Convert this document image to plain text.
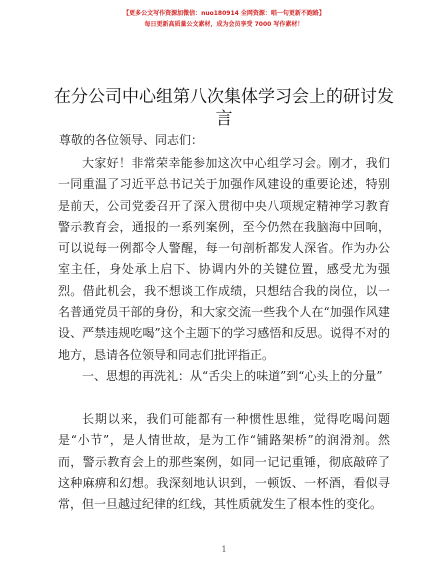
【更多公文写作资源加微信：nuo180914 全网资源：唱一句更新不跑路】
每日更新高质量公文素材，成为会员享受 7000 写作素材！
在分公司中心组第八次集体学习会上的研讨发言
尊敬的各位领导、同志们：
大家好！非常荣幸能参加这次中心组学习会。刚才，我们一同重温了习近平总书记关于加强作风建设的重要论述，特别是前天，公司党委召开了深入贯彻中央八项规定精神学习教育警示教育会，通报的一系列案例，至今仍然在我脑海中回响，可以说每一例都令人警醒，每一句剖析都发人深省。作为办公室主任，身处承上启下、协调内外的关键位置，感受尤为强烈。借此机会，我不想谈工作成绩，只想结合我的岗位，以一名普通党员干部的身份，和大家交流一些我个人在“加强作风建设、严禁违规吃喝”这个主题下的学习感悟和反思。说得不对的地方，恳请各位领导和同志们批评指正。
一、思想的再洗礼：从“舌尖上的味道”到“心头上的分量”
长期以来，我们可能都有一种惯性思维，觉得吃喝问题是“小节”，是人情世故，是为工作“铺路架桥”的润滑剂。然而，警示教育会上的那些案例，如同一记记重锤，彻底敲碎了这种麻痹和幻想。我深刻地认识到，一顿饭、一杯酒，看似寻常，但一旦越过纪律的红线，其性质就发生了根本性的变化。
1
